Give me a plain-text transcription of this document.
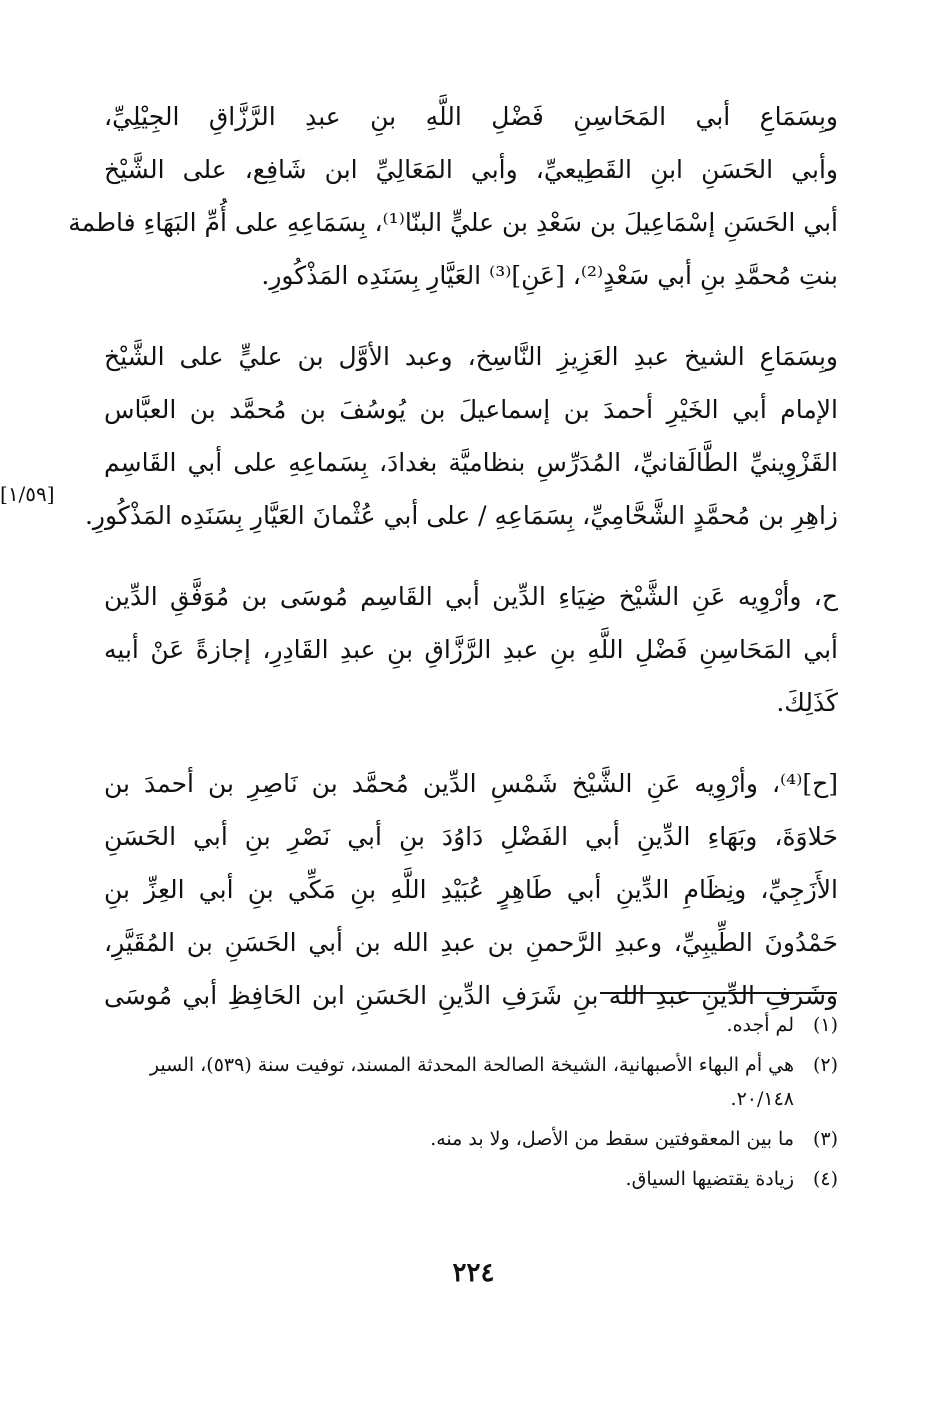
وبِسَمَاعِ أبي المَحَاسِنِ فَضْلِ اللَّهِ بنِ عبدِ الرَّزَّاقِ الجِيْلِيِّ،
وأبي الحَسَنِ ابنِ القَطِيعيِّ، وأبي المَعَالِيِّ ابن شَافِع، على الشَّيْخ
أبي الحَسَنِ إسْمَاعِيلَ بن سَعْدِ بن عليٍّ البنّا⁽¹⁾، بِسَمَاعِهِ على أُمِّ البَهَاءِ فاطمة
بنتِ مُحمَّدِ بنِ أبي سَعْدٍ⁽²⁾، [عَنِ]⁽³⁾ العَيَّارِ بِسَنَدِه المَذْكُورِ.
وبِسَمَاعِ الشيخ عبدِ العَزِيزِ النَّاسِخ، وعبد الأوَّل بن عليٍّ على الشَّيْخ
الإمام أبي الخَيْرِ أحمدَ بن إسماعيلَ بن يُوسُفَ بن مُحمَّد بن العبَّاس
القَزْوِينيِّ الطَّالَقانيِّ، المُدَرِّسِ بنظاميَّة بغدادَ، بِسَماعِهِ على أبي القَاسِم
زاهِرِ بن مُحمَّدٍ الشَّحَّامِيِّ، بِسَمَاعِهِ / على أبي عُثْمانَ العَيَّارِ بِسَنَدِه المَذْكُورِ.
ح، وأرْوِيه عَنِ الشَّيْخ ضِيَاءِ الدِّين أبي القَاسِم مُوسَى بن مُوَفَّقِ الدِّين
أبي المَحَاسِنِ فَضْلِ اللَّهِ بنِ عبدِ الرَّزَّاقِ بنِ عبدِ القَادِرِ، إجازةً عَنْ أبيه
كَذَلِكَ.
[ح]⁽⁴⁾، وأرْوِيه عَنِ الشَّيْخ شَمْسِ الدِّين مُحمَّد بن نَاصِرِ بن أحمدَ بن
حَلاوَةَ، وبَهَاءِ الدِّينِ أبي الفَضْلِ دَاوُدَ بنِ أبي نَصْرِ بنِ أبي الحَسَنِ
الأَزَجِيِّ، ونِظَامِ الدِّينِ أبي طَاهِرٍ عُبَيْدِ اللَّهِ بنِ مَكِّي بنِ أبي العِزِّ بنِ
حَمْدُونَ الطِّيبِيِّ، وعبدِ الرَّحمنِ بن عبدِ الله بن أبي الحَسَنِ بن المُقَيَّرِ،
وشَرَفِ الدِّينِ عبدِ الله بنِ شَرَفِ الدِّينِ الحَسَنِ ابن الحَافِظِ أبي مُوسَى
[١/٥٩]
(١)
لم أجده.
(٢)
هي أم البهاء الأصبهانية، الشيخة الصالحة المحدثة المسند، توفيت سنة (٥٣٩)، السير ٢٠/١٤٨.
(٣)
ما بين المعقوفتين سقط من الأصل، ولا بد منه.
(٤)
زيادة يقتضيها السياق.
٢٢٤
